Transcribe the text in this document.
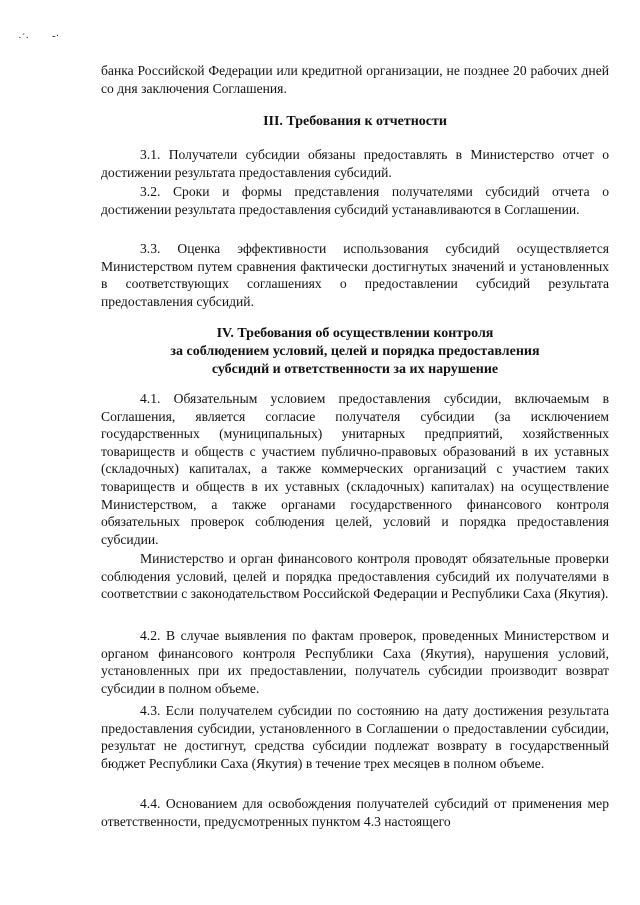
·´· ‑·

банка Российской Федерации или кредитной организации, не позднее 20 рабочих дней со дня заключения Соглашения.

III. Требования к отчетности

3.1. Получатели субсидии обязаны предоставлять в Министерство отчет о достижении результата предоставления субсидий.

3.2. Сроки и формы представления получателями субсидий отчета о достижении результата предоставления субсидий устанавливаются в Соглашении.

3.3. Оценка эффективности использования субсидий осуществляется Министерством путем сравнения фактически достигнутых значений и установленных в соответствующих соглашениях о предоставлении субсидий результата предоставления субсидий.

IV. Требования об осуществлении контроля
за соблюдением условий, целей и порядка предоставления
субсидий и ответственности за их нарушение

4.1. Обязательным условием предоставления субсидии, включаемым в Соглашения, является согласие получателя субсидии (за исключением государственных (муниципальных) унитарных предприятий, хозяйственных товариществ и обществ с участием публично-правовых образований в их уставных (складочных) капиталах, а также коммерческих организаций с участием таких товариществ и обществ в их уставных (складочных) капиталах) на осуществление Министерством, а также органами государственного финансового контроля обязательных проверок соблюдения целей, условий и порядка предоставления субсидии.

Министерство и орган финансового контроля проводят обязательные проверки соблюдения условий, целей и порядка предоставления субсидий их получателями в соответствии с законодательством Российской Федерации и Республики Саха (Якутия).

4.2. В случае выявления по фактам проверок, проведенных Министерством и органом финансового контроля Республики Саха (Якутия), нарушения условий, установленных при их предоставлении, получатель субсидии производит возврат субсидии в полном объеме.

4.3. Если получателем субсидии по состоянию на дату достижения результата предоставления субсидии, установленного в Соглашении о предоставлении субсидии, результат не достигнут, средства субсидии подлежат возврату в государственный бюджет Республики Саха (Якутия) в течение трех месяцев в полном объеме.

4.4. Основанием для освобождения получателей субсидий от применения мер ответственности, предусмотренных пунктом 4.3 настоящего
